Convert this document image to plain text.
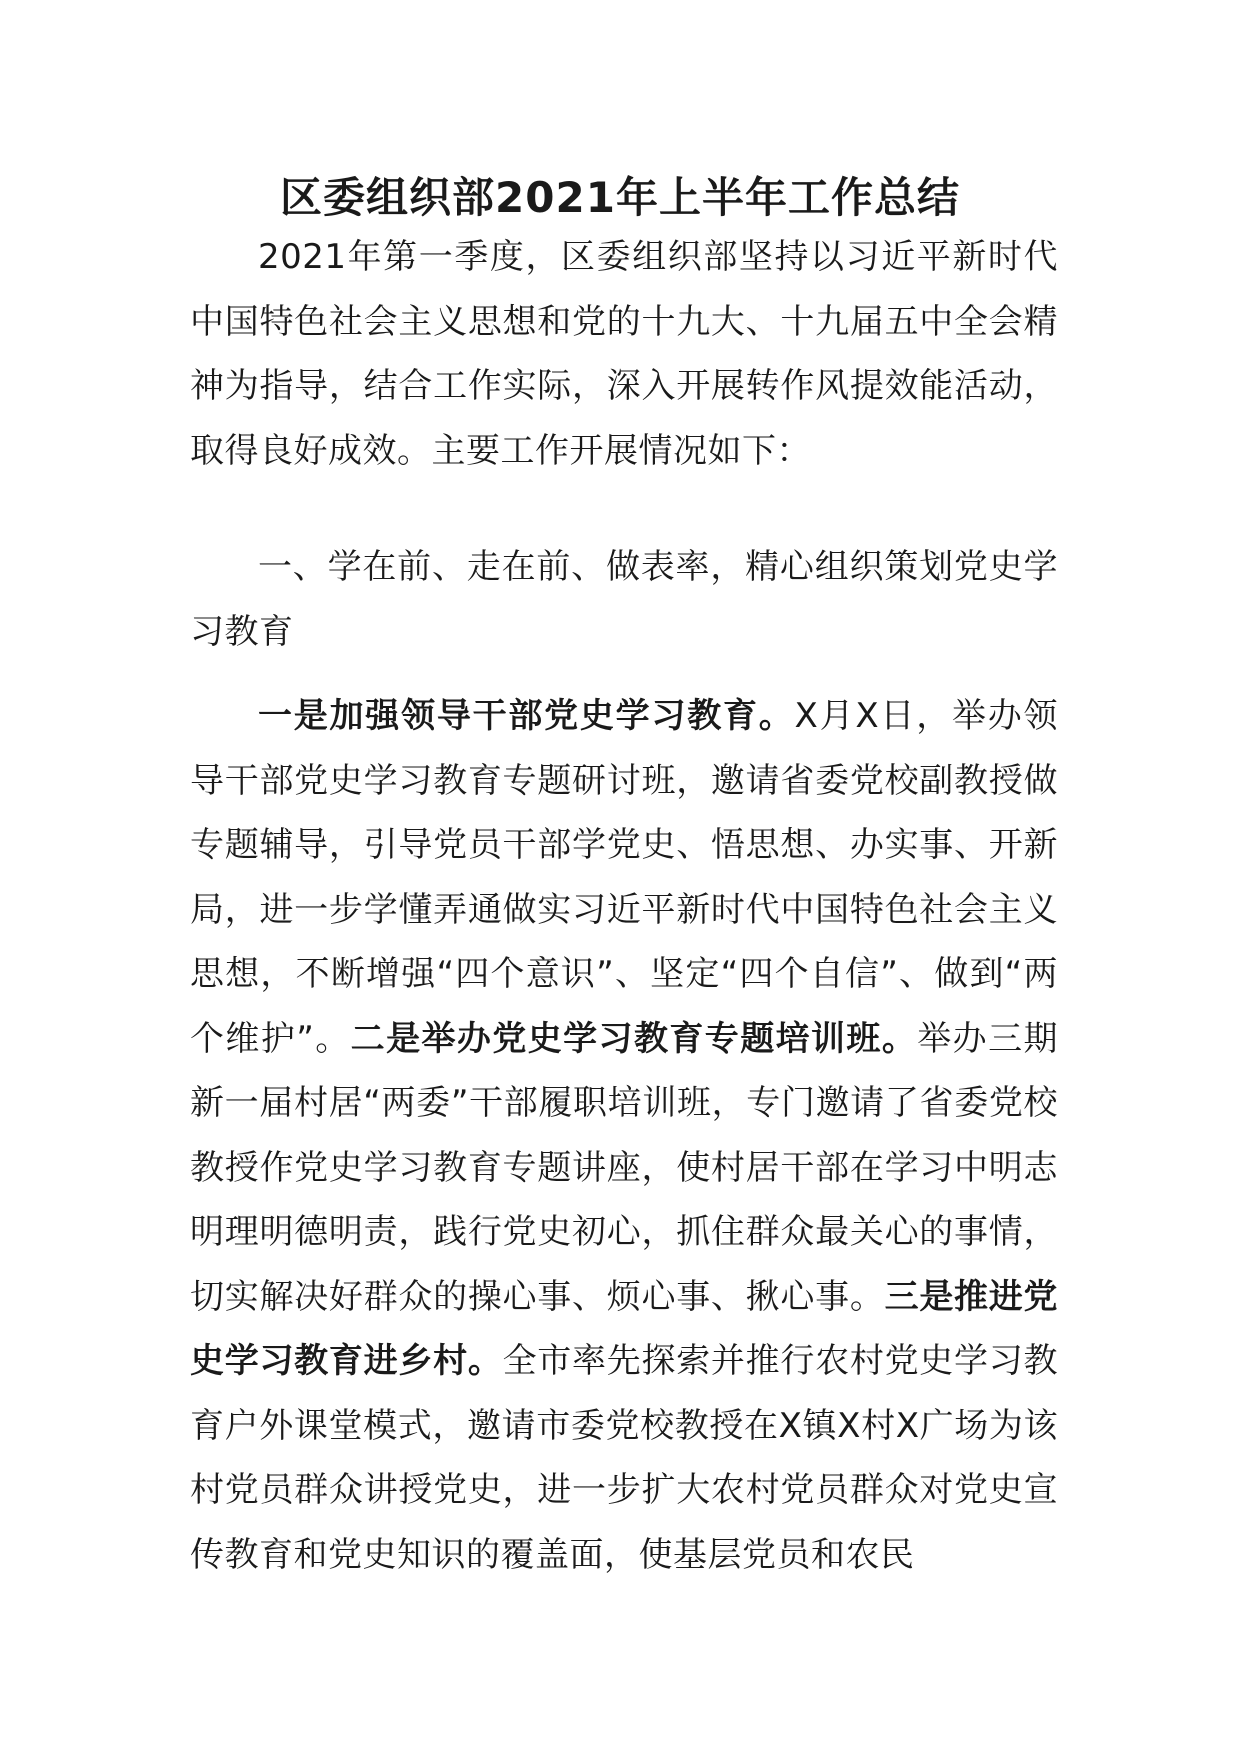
区委组织部2021年上半年工作总结

2021年第一季度，区委组织部坚持以习近平新时代中国特色社会主义思想和党的十九大、十九届五中全会精神为指导，结合工作实际，深入开展转作风提效能活动，取得良好成效。主要工作开展情况如下：

一、学在前、走在前、做表率，精心组织策划党史学习教育

一是加强领导干部党史学习教育。X月X日，举办领导干部党史学习教育专题研讨班，邀请省委党校副教授做专题辅导，引导党员干部学党史、悟思想、办实事、开新局，进一步学懂弄通做实习近平新时代中国特色社会主义思想，不断增强“四个意识”、坚定“四个自信”、做到“两个维护”。二是举办党史学习教育专题培训班。举办三期新一届村居“两委”干部履职培训班，专门邀请了省委党校教授作党史学习教育专题讲座，使村居干部在学习中明志明理明德明责，践行党史初心，抓住群众最关心的事情，切实解决好群众的操心事、烦心事、揪心事。三是推进党史学习教育进乡村。全市率先探索并推行农村党史学习教育户外课堂模式，邀请市委党校教授在X镇X村X广场为该村党员群众讲授党史，进一步扩大农村党员群众对党史宣传教育和党史知识的覆盖面，使基层党员和农民
